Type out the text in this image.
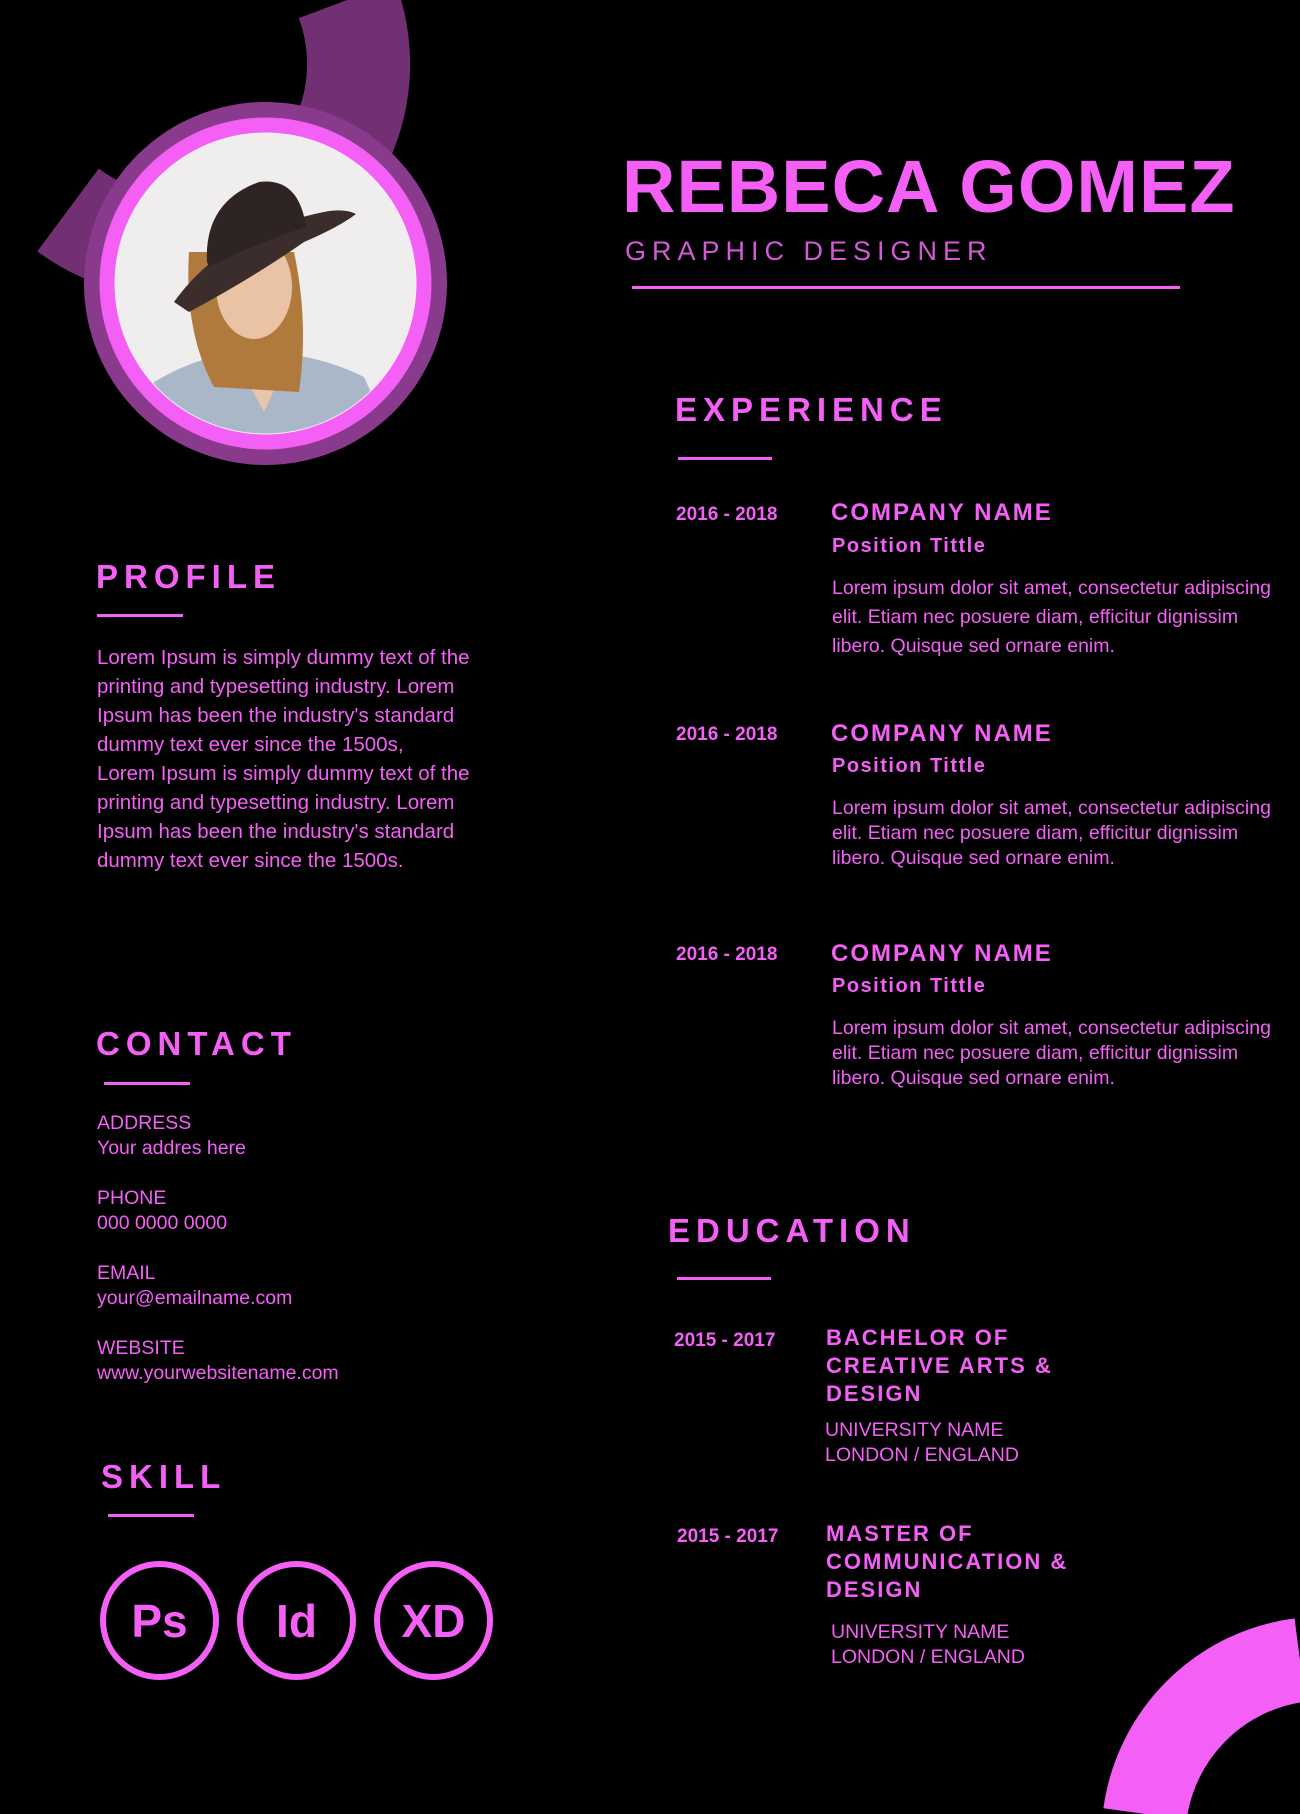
REBECA GOMEZ
GRAPHIC DESIGNER
PROFILE

Lorem Ipsum is simply dummy text of the printing and typesetting industry. Lorem Ipsum has been the industry's standard dummy text ever since the 1500s,

Lorem Ipsum is simply dummy text of the printing and typesetting industry. Lorem Ipsum has been the industry's standard dummy text ever since the 1500s.

CONTACT
ADDRESS
Your addres here
PHONE
000 0000 0000
EMAIL
your@emailname.com
WEBSITE
www.yourwebsitename.com
SKILL
Ps	Id	XD
EXPERIENCE
2016 - 2018 COMPANY NAME
Position Tittle
Lorem ipsum dolor sit amet, consectetur adipiscing elit. Etiam nec posuere diam, efficitur dignissim libero. Quisque sed ornare enim.
2016 - 2018 COMPANY NAME
Position Tittle
Lorem ipsum dolor sit amet, consectetur adipiscing elit. Etiam nec posuere diam, efficitur dignissim libero. Quisque sed ornare enim.
2016 - 2018 COMPANY NAME
Position Tittle
Lorem ipsum dolor sit amet, consectetur adipiscing elit. Etiam nec posuere diam, efficitur dignissim libero. Quisque sed ornare enim.
EDUCATION
2015 - 2017 BACHELOR OF CREATIVE ARTS & DESIGN
UNIVERSITY NAME
LONDON / ENGLAND
2015 - 2017 MASTER OF COMMUNICATION & DESIGN
UNIVERSITY NAME
LONDON / ENGLAND
